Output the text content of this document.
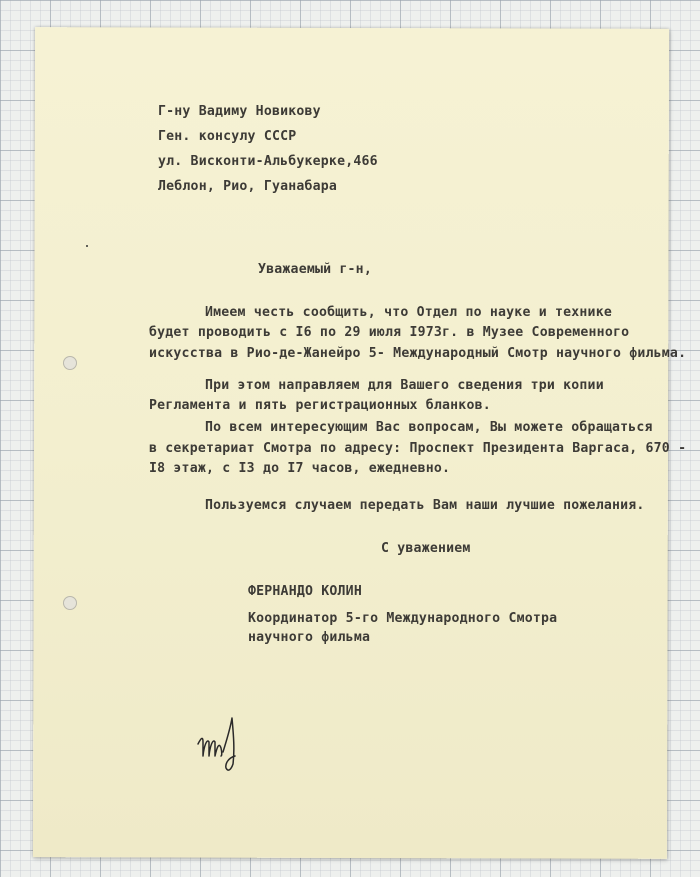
Г-ну Вадиму Новикову
Ген. консулу СССР
ул. Висконти-Альбукерке,466
Леблон, Рио, Гуанабара
Уважаемый г-н,
Имеем честь сообщить, что Отдел по науке и технике
будет проводить с I6 по 29 июля I973г. в Музее Современного
искусства в Рио-де-Жанейро 5- Международный Смотр научного фильма.
При этом направляем для Вашего сведения три копии
Регламента и пять регистрационных бланков.
По всем интересующим Вас вопросам, Вы можете обращаться
в секретариат Смотра по адресу: Проспект Президента Варгаса, 670 -
I8 этаж, с I3 до I7 часов, ежедневно.
Пользуемся случаем передать Вам наши лучшие пожелания.
С уважением
ФЕРНАНДО КОЛИН
Координатор 5-го Международного Смотра
научного фильма
